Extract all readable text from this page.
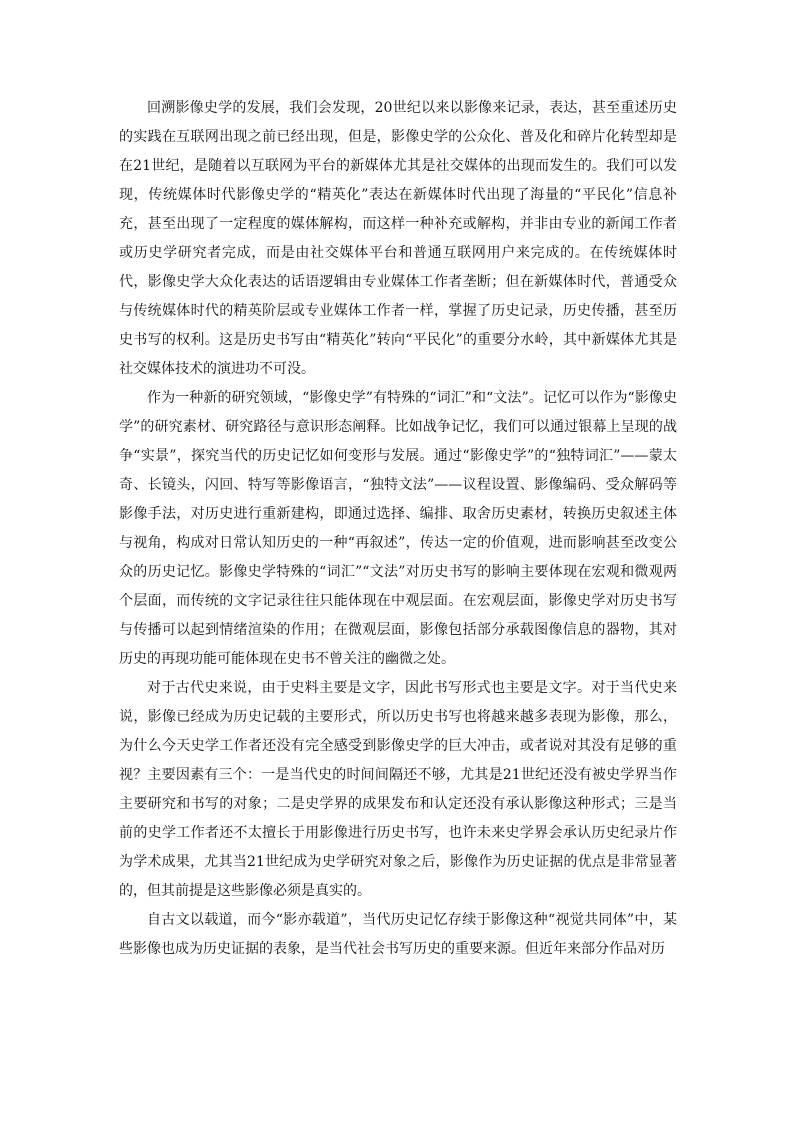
回溯影像史学的发展，我们会发现，20世纪以来以影像来记录，表达，甚至重述历史的实践在互联网出现之前已经出现，但是，影像史学的公众化、普及化和碎片化转型却是在21世纪，是随着以互联网为平台的新媒体尤其是社交媒体的出现而发生的。我们可以发现，传统媒体时代影像史学的“精英化”表达在新媒体时代出现了海量的“平民化”信息补充，甚至出现了一定程度的媒体解构，而这样一种补充或解构，并非由专业的新闻工作者或历史学研究者完成，而是由社交媒体平台和普通互联网用户来完成的。在传统媒体时代，影像史学大众化表达的话语逻辑由专业媒体工作者垄断；但在新媒体时代，普通受众与传统媒体时代的精英阶层或专业媒体工作者一样，掌握了历史记录，历史传播，甚至历史书写的权利。这是历史书写由“精英化”转向“平民化”的重要分水岭，其中新媒体尤其是社交媒体技术的演进功不可没。

作为一种新的研究领域，“影像史学”有特殊的“词汇”和“文法”。记忆可以作为“影像史学”的研究素材、研究路径与意识形态阐释。比如战争记忆，我们可以通过银幕上呈现的战争“实景”，探究当代的历史记忆如何变形与发展。通过“影像史学”的“独特词汇”——蒙太奇、长镜头，闪回、特写等影像语言，“独特文法”——议程设置、影像编码、受众解码等影像手法，对历史进行重新建构，即通过选择、编排、取舍历史素材，转换历史叙述主体与视角，构成对日常认知历史的一种“再叙述”，传达一定的价值观，进而影响甚至改变公众的历史记忆。影像史学特殊的“词汇”“文法”对历史书写的影响主要体现在宏观和微观两个层面，而传统的文字记录往往只能体现在中观层面。在宏观层面，影像史学对历史书写与传播可以起到情绪渲染的作用；在微观层面，影像包括部分承载图像信息的器物，其对历史的再现功能可能体现在史书不曾关注的幽微之处。

对于古代史来说，由于史料主要是文字，因此书写形式也主要是文字。对于当代史来说，影像已经成为历史记载的主要形式，所以历史书写也将越来越多表现为影像，那么，为什么今天史学工作者还没有完全感受到影像史学的巨大冲击，或者说对其没有足够的重视？主要因素有三个：一是当代史的时间间隔还不够，尤其是21世纪还没有被史学界当作主要研究和书写的对象；二是史学界的成果发布和认定还没有承认影像这种形式；三是当前的史学工作者还不太擅长于用影像进行历史书写，也许未来史学界会承认历史纪录片作为学术成果，尤其当21世纪成为史学研究对象之后，影像作为历史证据的优点是非常显著的，但其前提是这些影像必须是真实的。

自古文以载道，而今“影亦载道”，当代历史记忆存续于影像这种“视觉共同体”中，某些影像也成为历史证据的表象，是当代社会书写历史的重要来源。但近年来部分作品对历
